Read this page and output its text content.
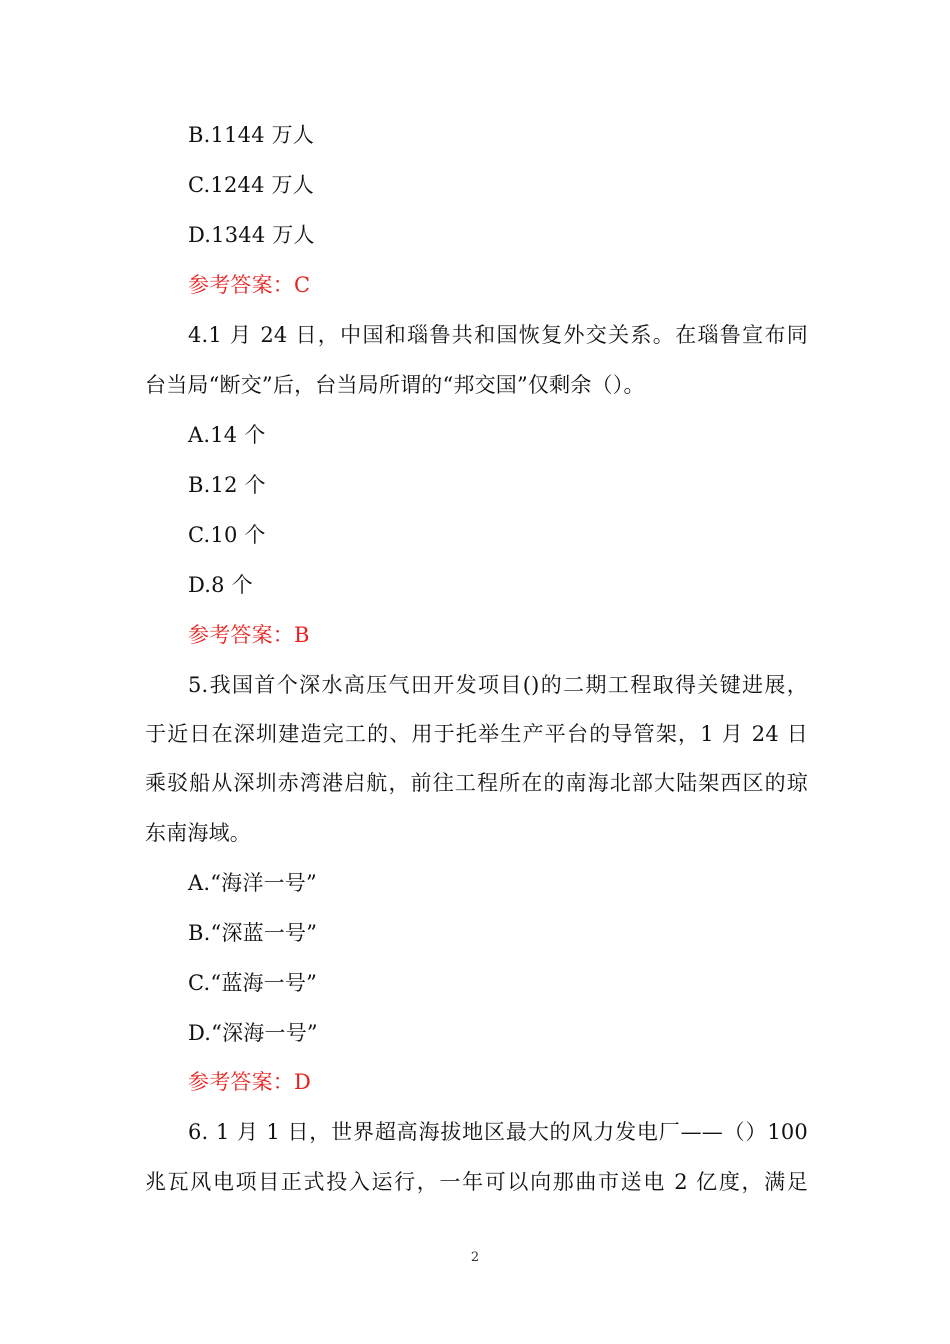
B.1144 万人
C.1244 万人
D.1344 万人
参考答案：C
4.1 月 24 日，中国和瑙鲁共和国恢复外交关系。在瑙鲁宣布同
台当局“断交”后，台当局所谓的“邦交国”仅剩余（）。
A.14 个
B.12 个
C.10 个
D.8 个
参考答案：B
5.我国首个深水高压气田开发项目()的二期工程取得关键进展，
于近日在深圳建造完工的、用于托举生产平台的导管架，1 月 24 日
乘驳船从深圳赤湾港启航，前往工程所在的南海北部大陆架西区的琼
东南海域。
A.“海洋一号”
B.“深蓝一号”
C.“蓝海一号”
D.“深海一号”
参考答案：D
6. 1 月 1 日，世界超高海拔地区最大的风力发电厂——（）100
兆瓦风电项目正式投入运行，一年可以向那曲市送电 2 亿度，满足
2
